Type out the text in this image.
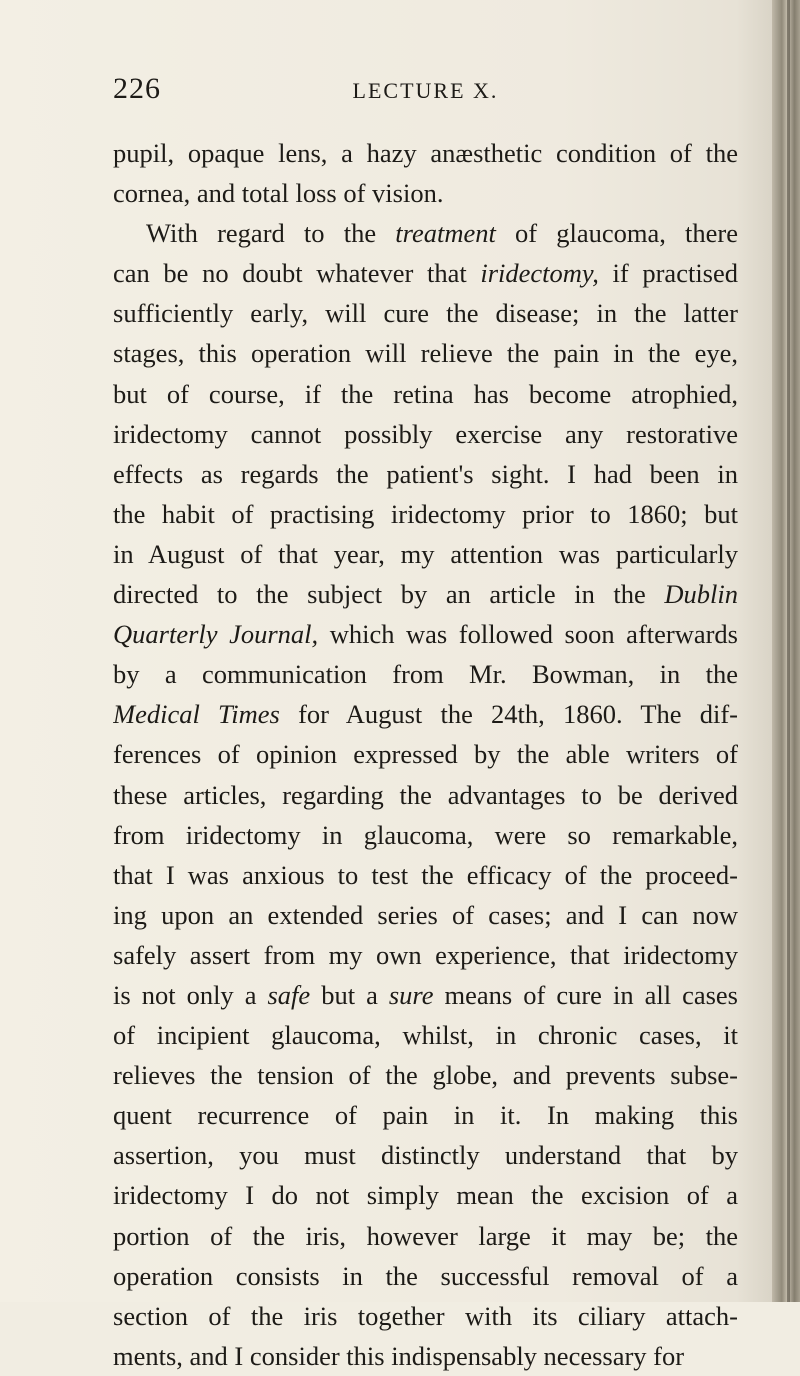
226	LECTURE X.
pupil, opaque lens, a hazy anæsthetic condition of the
cornea, and total loss of vision.
With regard to the treatment of glaucoma, there
can be no doubt whatever that iridectomy, if practised
sufficiently early, will cure the disease; in the latter
stages, this operation will relieve the pain in the eye,
but of course, if the retina has become atrophied,
iridectomy cannot possibly exercise any restorative
effects as regards the patient's sight. I had been in
the habit of practising iridectomy prior to 1860; but
in August of that year, my attention was particularly
directed to the subject by an article in the Dublin
Quarterly Journal, which was followed soon afterwards
by a communication from Mr. Bowman, in the
Medical Times for August the 24th, 1860. The dif-
ferences of opinion expressed by the able writers of
these articles, regarding the advantages to be derived
from iridectomy in glaucoma, were so remarkable,
that I was anxious to test the efficacy of the proceed-
ing upon an extended series of cases; and I can now
safely assert from my own experience, that iridectomy
is not only a safe but a sure means of cure in all cases
of incipient glaucoma, whilst, in chronic cases, it
relieves the tension of the globe, and prevents subse-
quent recurrence of pain in it. In making this
assertion, you must distinctly understand that by
iridectomy I do not simply mean the excision of a
portion of the iris, however large it may be; the
operation consists in the successful removal of a
section of the iris together with its ciliary attach-
ments, and I consider this indispensably necessary for
